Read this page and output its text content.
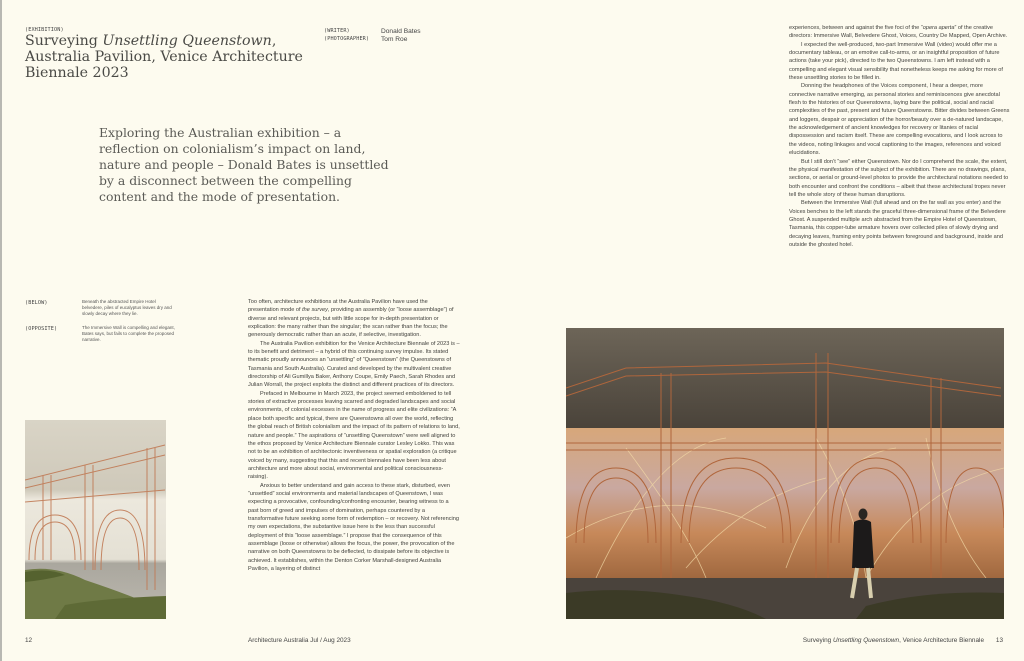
(EXHIBITION)
Surveying Unsettling Queenstown, Australia Pavilion, Venice Architecture Biennale 2023
(WRITER)	Donald Bates
(PHOTOGRAPHER)	Tom Roe
Exploring the Australian exhibition – a reflection on colonialism’s impact on land, nature and people – Donald Bates is unsettled by a disconnect between the compelling content and the mode of presentation.
(BELOW)	Beneath the abstracted Empire Hotel belvedere, piles of eucalyptus leaves dry and slowly decay where they lie.
(OPPOSITE)	The Immersive Wall is compelling and elegant, Bates says, but fails to complete the proposed narrative.

Too often, architecture exhibitions at the Australia Pavilion have used the presentation mode of the survey, providing an assembly (or “loose assemblage”) of diverse and relevant projects, but with little scope for in-depth presentation or explication: the many rather than the singular; the scan rather than the focus; the generously democratic rather than an acute, if selective, investigation.

The Australia Pavilion exhibition for the Venice Architecture Biennale of 2023 is – to its benefit and detriment – a hybrid of this continuing survey impulse. Its stated thematic proudly announces an “unsettling” of “Queenstown” (the Queenstowns of Tasmania and South Australia). Curated and developed by the multivalent creative directorship of Ali Gumillya Baker, Anthony Coupe, Emily Paech, Sarah Rhodes and Julian Worrall, the project exploits the distinct and different practices of its directors.

Prefaced in Melbourne in March 2023, the project seemed emboldened to tell stories of extractive processes leaving scarred and degraded landscapes and social environments, of colonial excesses in the name of progress and elite civilizations: “A place both specific and typical, there are Queenstowns all over the world, reflecting the global reach of British colonialism and the impact of its pattern of relations to land, nature and people.” The aspirations of “unsettling Queenstown” were well aligned to the ethos proposed by Venice Architecture Biennale curator Lesley Lokko. This was not to be an exhibition of architectonic inventiveness or spatial exploration (a critique voiced by many, suggesting that this and recent biennales have been less about architecture and more about social, environmental and political consciousness-raising).

Anxious to better understand and gain access to these stark, disturbed, even “unsettled” social environments and material landscapes of Queenstown, I was expecting a provocative, confounding/confronting encounter, bearing witness to a past born of greed and impulses of domination, perhaps countered by a transformative future seeking some form of redemption – or recovery. Not referencing my own expectations, the substantive issue here is the less than successful deployment of this “loose assemblage.” I propose that the consequence of this assemblage (loose or otherwise) allows the focus, the power, the provocation of the narrative on both Queenstowns to be deflected, to dissipate before its objective is achieved. It establishes, within the Denton Corker Marshall-designed Australia Pavilion, a layering of distinct

12	Architecture Australia Jul / Aug 2023

experiences, between and against the five foci of the “opera aperta” of the creative directors: Immersive Wall, Belvedere Ghost, Voices, Country De Mapped, Open Archive.

I expected the well-produced, two-part Immersive Wall (video) would offer me a documentary tableau, or an emotive call-to-arms, or an insightful proposition of future actions (take your pick), directed to the two Queenstowns. I am left instead with a compelling and elegant visual sensibility that nonetheless keeps me asking for more of these unsettling stories to be filled in.

Donning the headphones of the Voices component, I hear a deeper, more connective narrative emerging, as personal stories and reminiscences give anecdotal flesh to the histories of our Queenstowns, laying bare the political, social and racial complexities of the past, present and future Queenstowns. Bitter divides between Greens and loggers, despair or appreciation of the horror/beauty over a de-natured landscape, the acknowledgement of ancient knowledges for recovery or litanies of racial dispossession and racism itself. These are compelling evocations, and I look across to the videos, noting linkages and vocal captioning to the images, references and voiced elucidations.

But I still don’t “see” either Queenstown. Nor do I comprehend the scale, the extent, the physical manifestation of the subject of the exhibition. There are no drawings, plans, sections, or aerial or ground-level photos to provide the architectural notations needed to both encounter and confront the conditions – albeit that these architectural tropes never tell the whole story of these human disruptions.

Between the Immersive Wall (full ahead and on the far wall as you enter) and the Voices benches to the left stands the graceful three-dimensional frame of the Belvedere Ghost. A suspended multiple arch abstracted from the Empire Hotel of Queenstown, Tasmania, this copper-tube armature hovers over collected piles of slowly drying and decaying leaves, framing entry points between foreground and background, inside and outside the ghosted hotel.

Surveying Unsettling Queenstown, Venice Architecture Biennale 13
